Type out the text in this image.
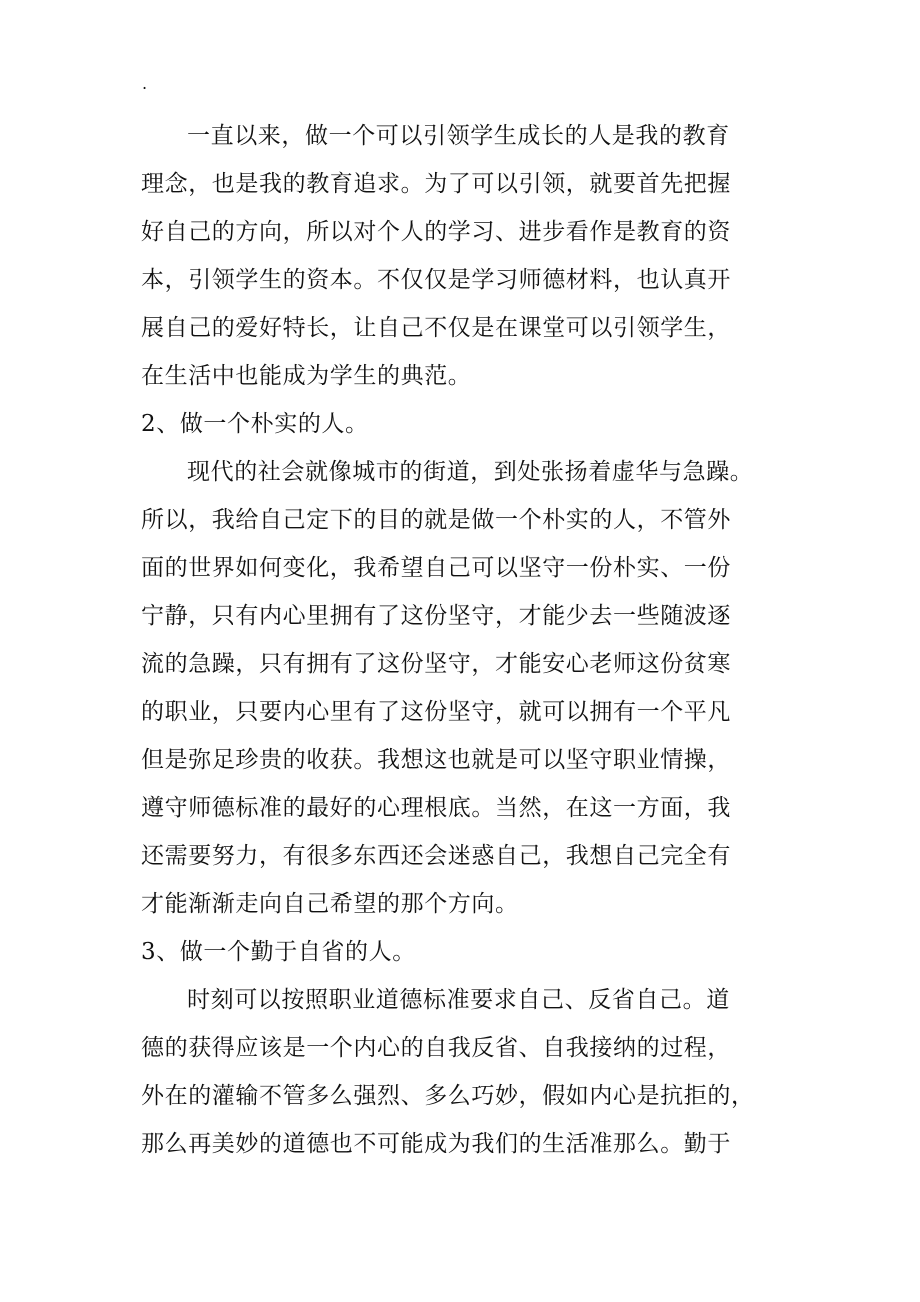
.
一直以来，做一个可以引领学生成长的人是我的教育
理念，也是我的教育追求。为了可以引领，就要首先把握
好自己的方向，所以对个人的学习、进步看作是教育的资
本，引领学生的资本。不仅仅是学习师德材料，也认真开
展自己的爱好特长，让自己不仅是在课堂可以引领学生，
在生活中也能成为学生的典范。
2、做一个朴实的人。
现代的社会就像城市的街道，到处张扬着虚华与急躁。
所以，我给自己定下的目的就是做一个朴实的人，不管外
面的世界如何变化，我希望自己可以坚守一份朴实、一份
宁静，只有内心里拥有了这份坚守，才能少去一些随波逐
流的急躁，只有拥有了这份坚守，才能安心老师这份贫寒
的职业，只要内心里有了这份坚守，就可以拥有一个平凡
但是弥足珍贵的收获。我想这也就是可以坚守职业情操，
遵守师德标准的最好的心理根底。当然，在这一方面，我
还需要努力，有很多东西还会迷惑自己，我想自己完全有
才能渐渐走向自己希望的那个方向。
3、做一个勤于自省的人。
时刻可以按照职业道德标准要求自己、反省自己。道
德的获得应该是一个内心的自我反省、自我接纳的过程，
外在的灌输不管多么强烈、多么巧妙，假如内心是抗拒的，
那么再美妙的道德也不可能成为我们的生活准那么。勤于
